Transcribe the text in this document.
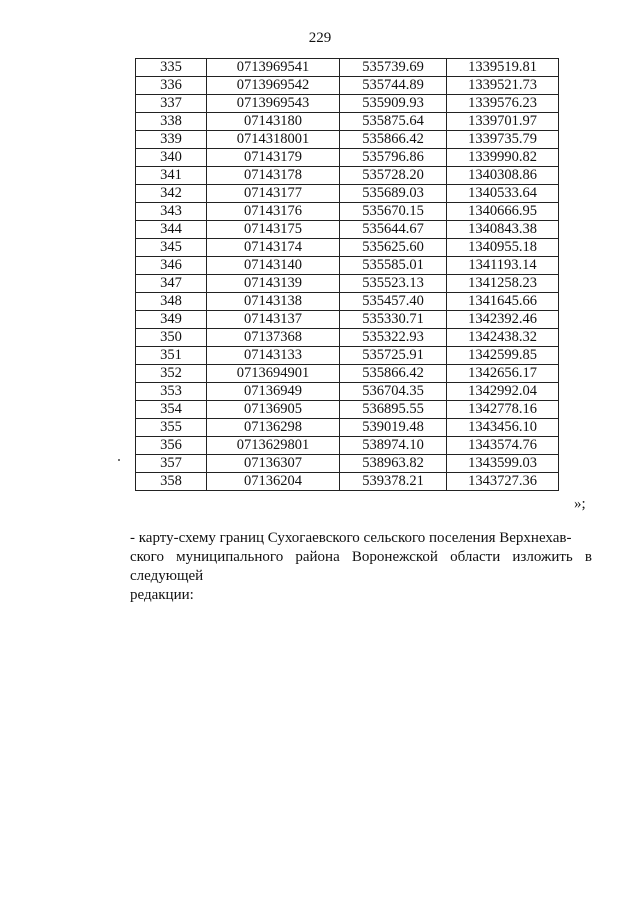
229
335	0713969541	535739.69	1339519.81
336	0713969542	535744.89	1339521.73
337	0713969543	535909.93	1339576.23
338	07143180	535875.64	1339701.97
339	0714318001	535866.42	1339735.79
340	07143179	535796.86	1339990.82
341	07143178	535728.20	1340308.86
342	07143177	535689.03	1340533.64
343	07143176	535670.15	1340666.95
344	07143175	535644.67	1340843.38
345	07143174	535625.60	1340955.18
346	07143140	535585.01	1341193.14
347	07143139	535523.13	1341258.23
348	07143138	535457.40	1341645.66
349	07143137	535330.71	1342392.46
350	07137368	535322.93	1342438.32
351	07143133	535725.91	1342599.85
352	0713694901	535866.42	1342656.17
353	07136949	536704.35	1342992.04
354	07136905	536895.55	1342778.16
355	07136298	539019.48	1343456.10
356	0713629801	538974.10	1343574.76
357	07136307	538963.82	1343599.03
358	07136204	539378.21	1343727.36
»;
- карту-схему границ Сухогаевского сельского поселения Верхнехав-
ского муниципального района Воронежской области изложить в следующей
редакции:
